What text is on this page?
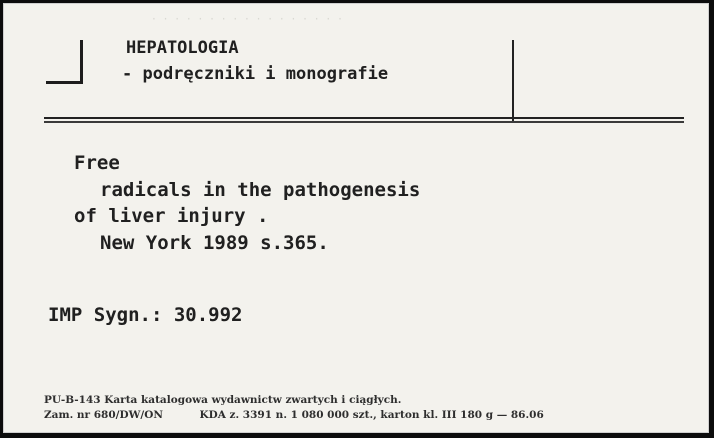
· · · · · · · · · · · · · · · · ·
HEPATOLOGIA
- podręczniki i monografie
Free
radicals in the pathogenesis
of liver injury .
New York 1989 s.365.
IMP Sygn.: 30.992
PU-B-143 Karta katalogowa wydawnictw zwartych i ciągłych.
Zam. nr 680/DW/ON          KDA z. 3391 n. 1 080 000 szt., karton kl. III 180 g — 86.06
